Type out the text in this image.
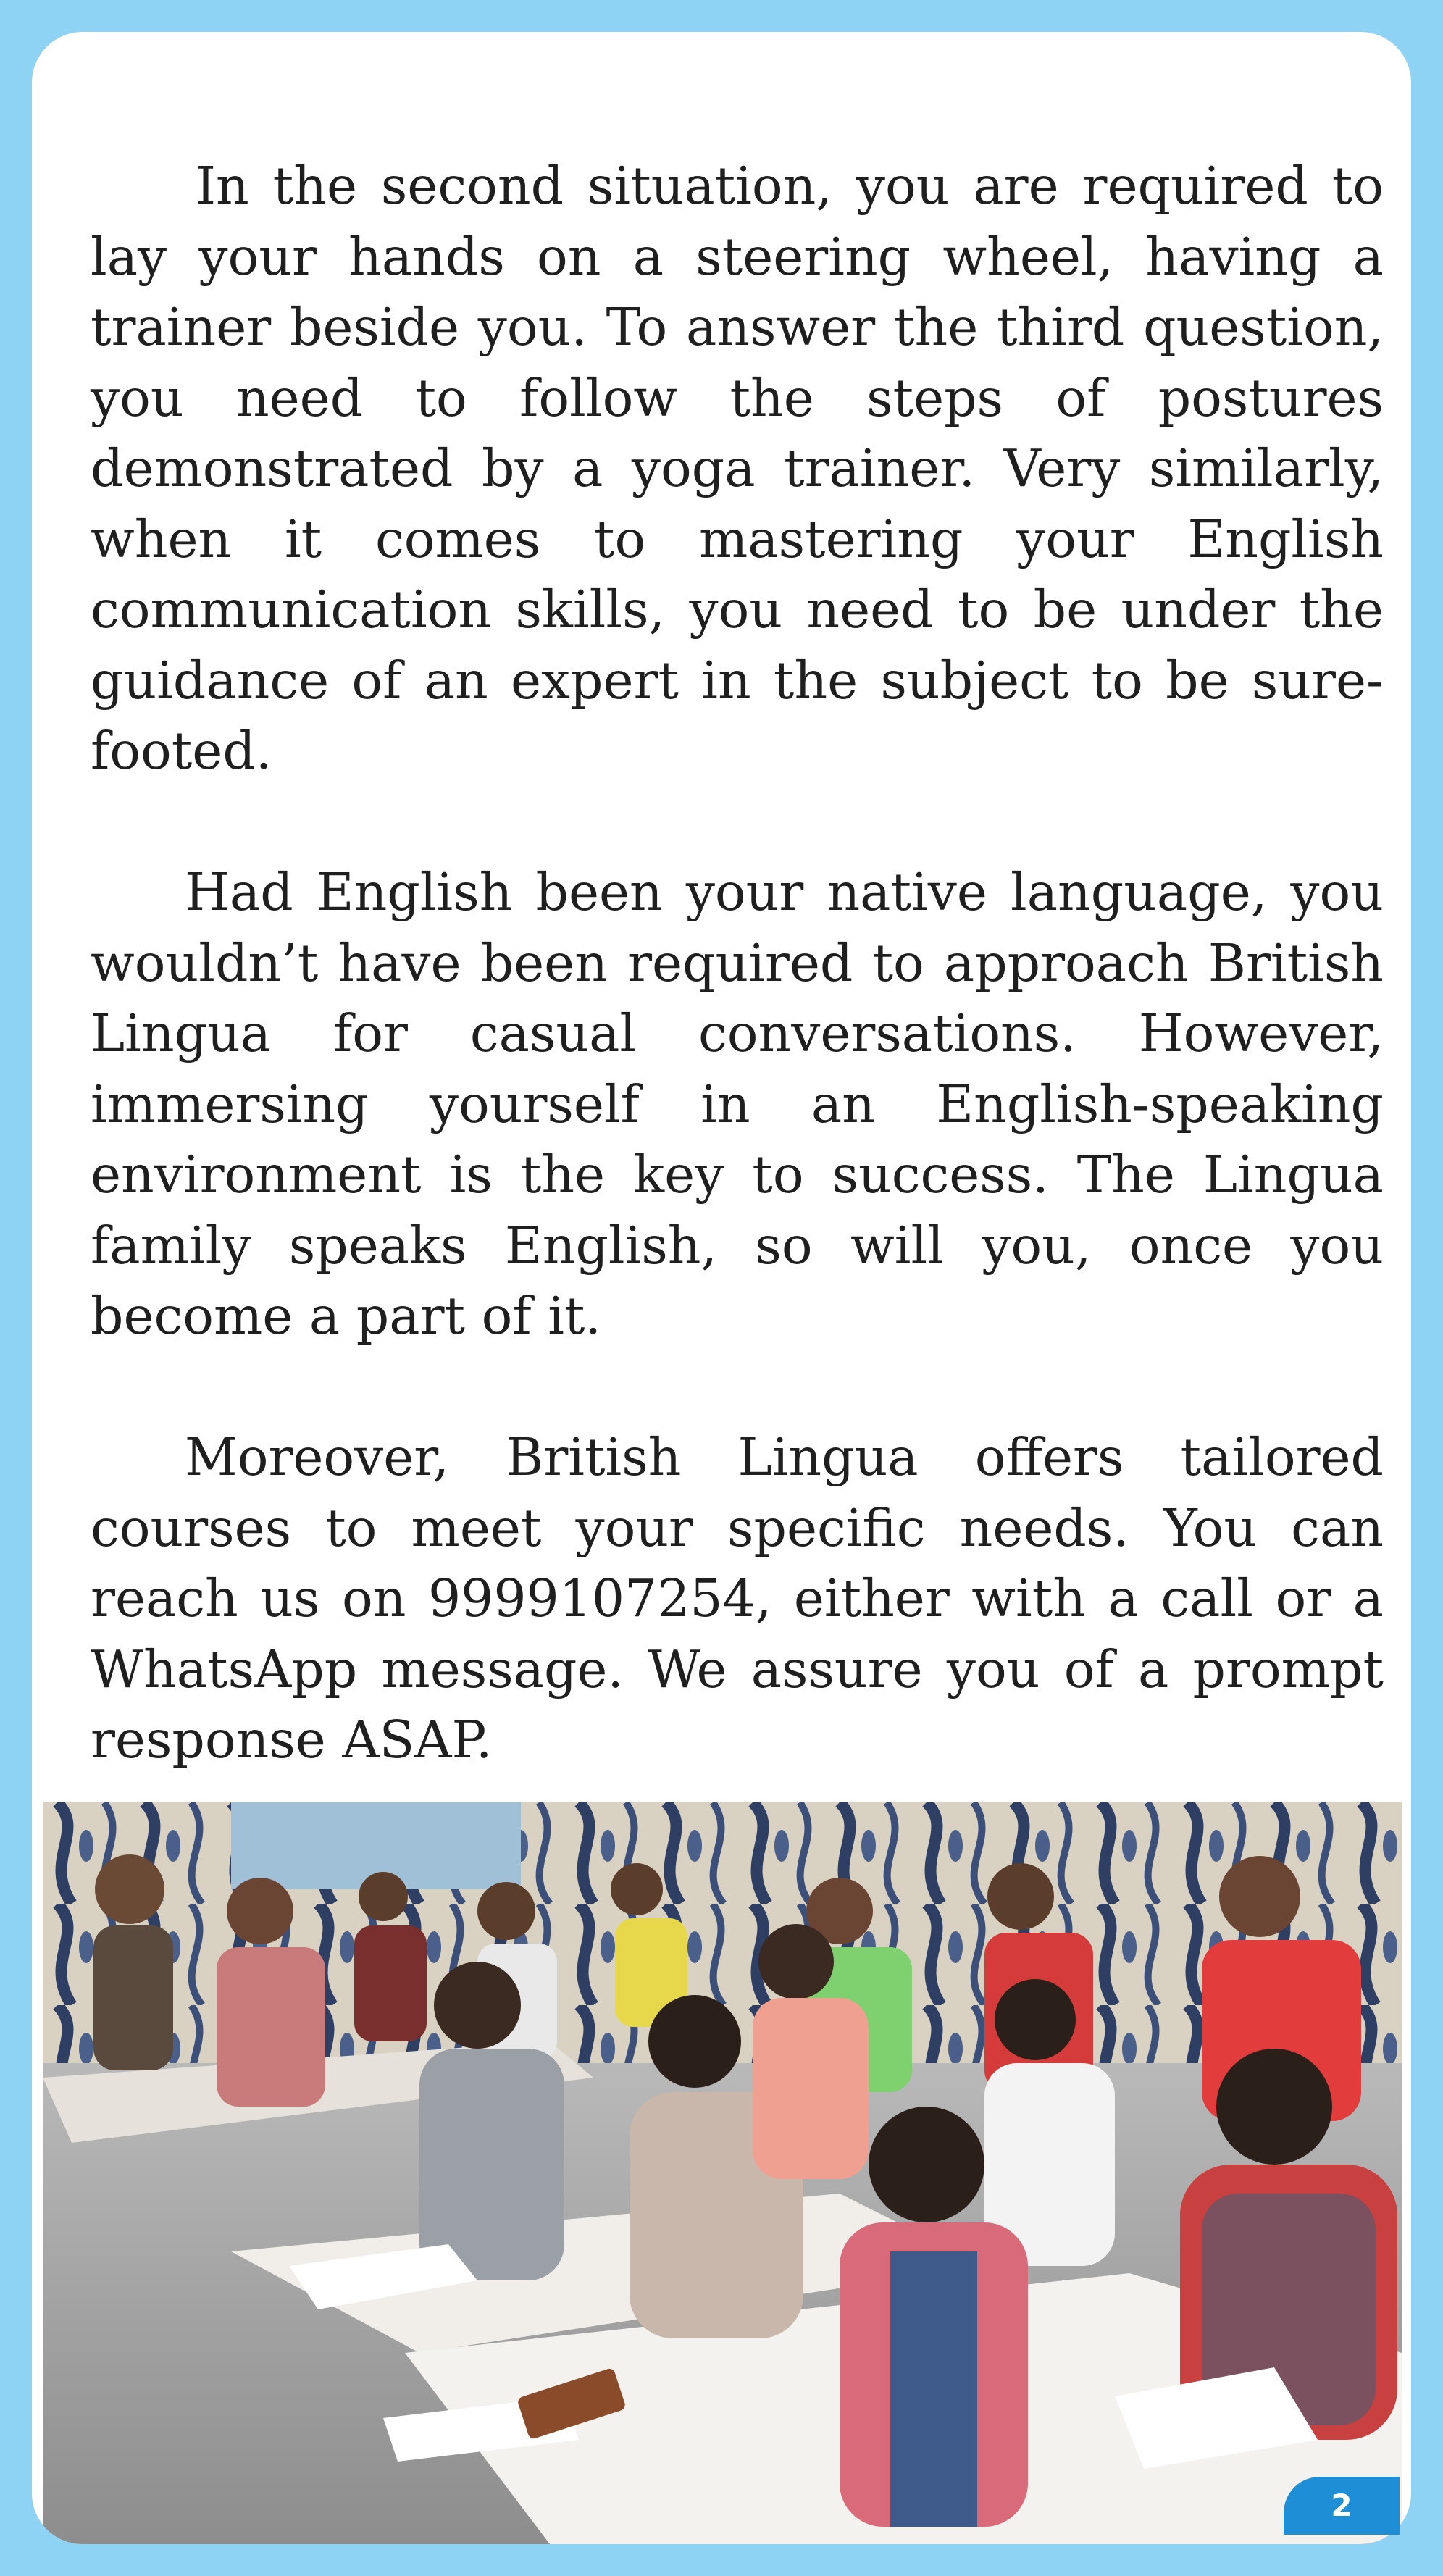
In the second situation, you are required to lay your hands on a steering wheel, having a trainer beside you. To answer the third question, you need to follow the steps of postures demonstrated by a yoga trainer. Very similarly, when it comes to mastering your English communication skills, you need to be under the guidance of an expert in the subject to be sure-footed.

Had English been your native language, you wouldn’t have been required to approach British Lingua for casual conversations. However, immersing yourself in an English-speaking environment is the key to success. The Lingua family speaks English, so will you, once you become a part of it.

Moreover, British Lingua offers tailored courses to meet your specific needs. You can reach us on 9999107254, either with a call or a WhatsApp message. We assure you of a prompt response ASAP.

2
